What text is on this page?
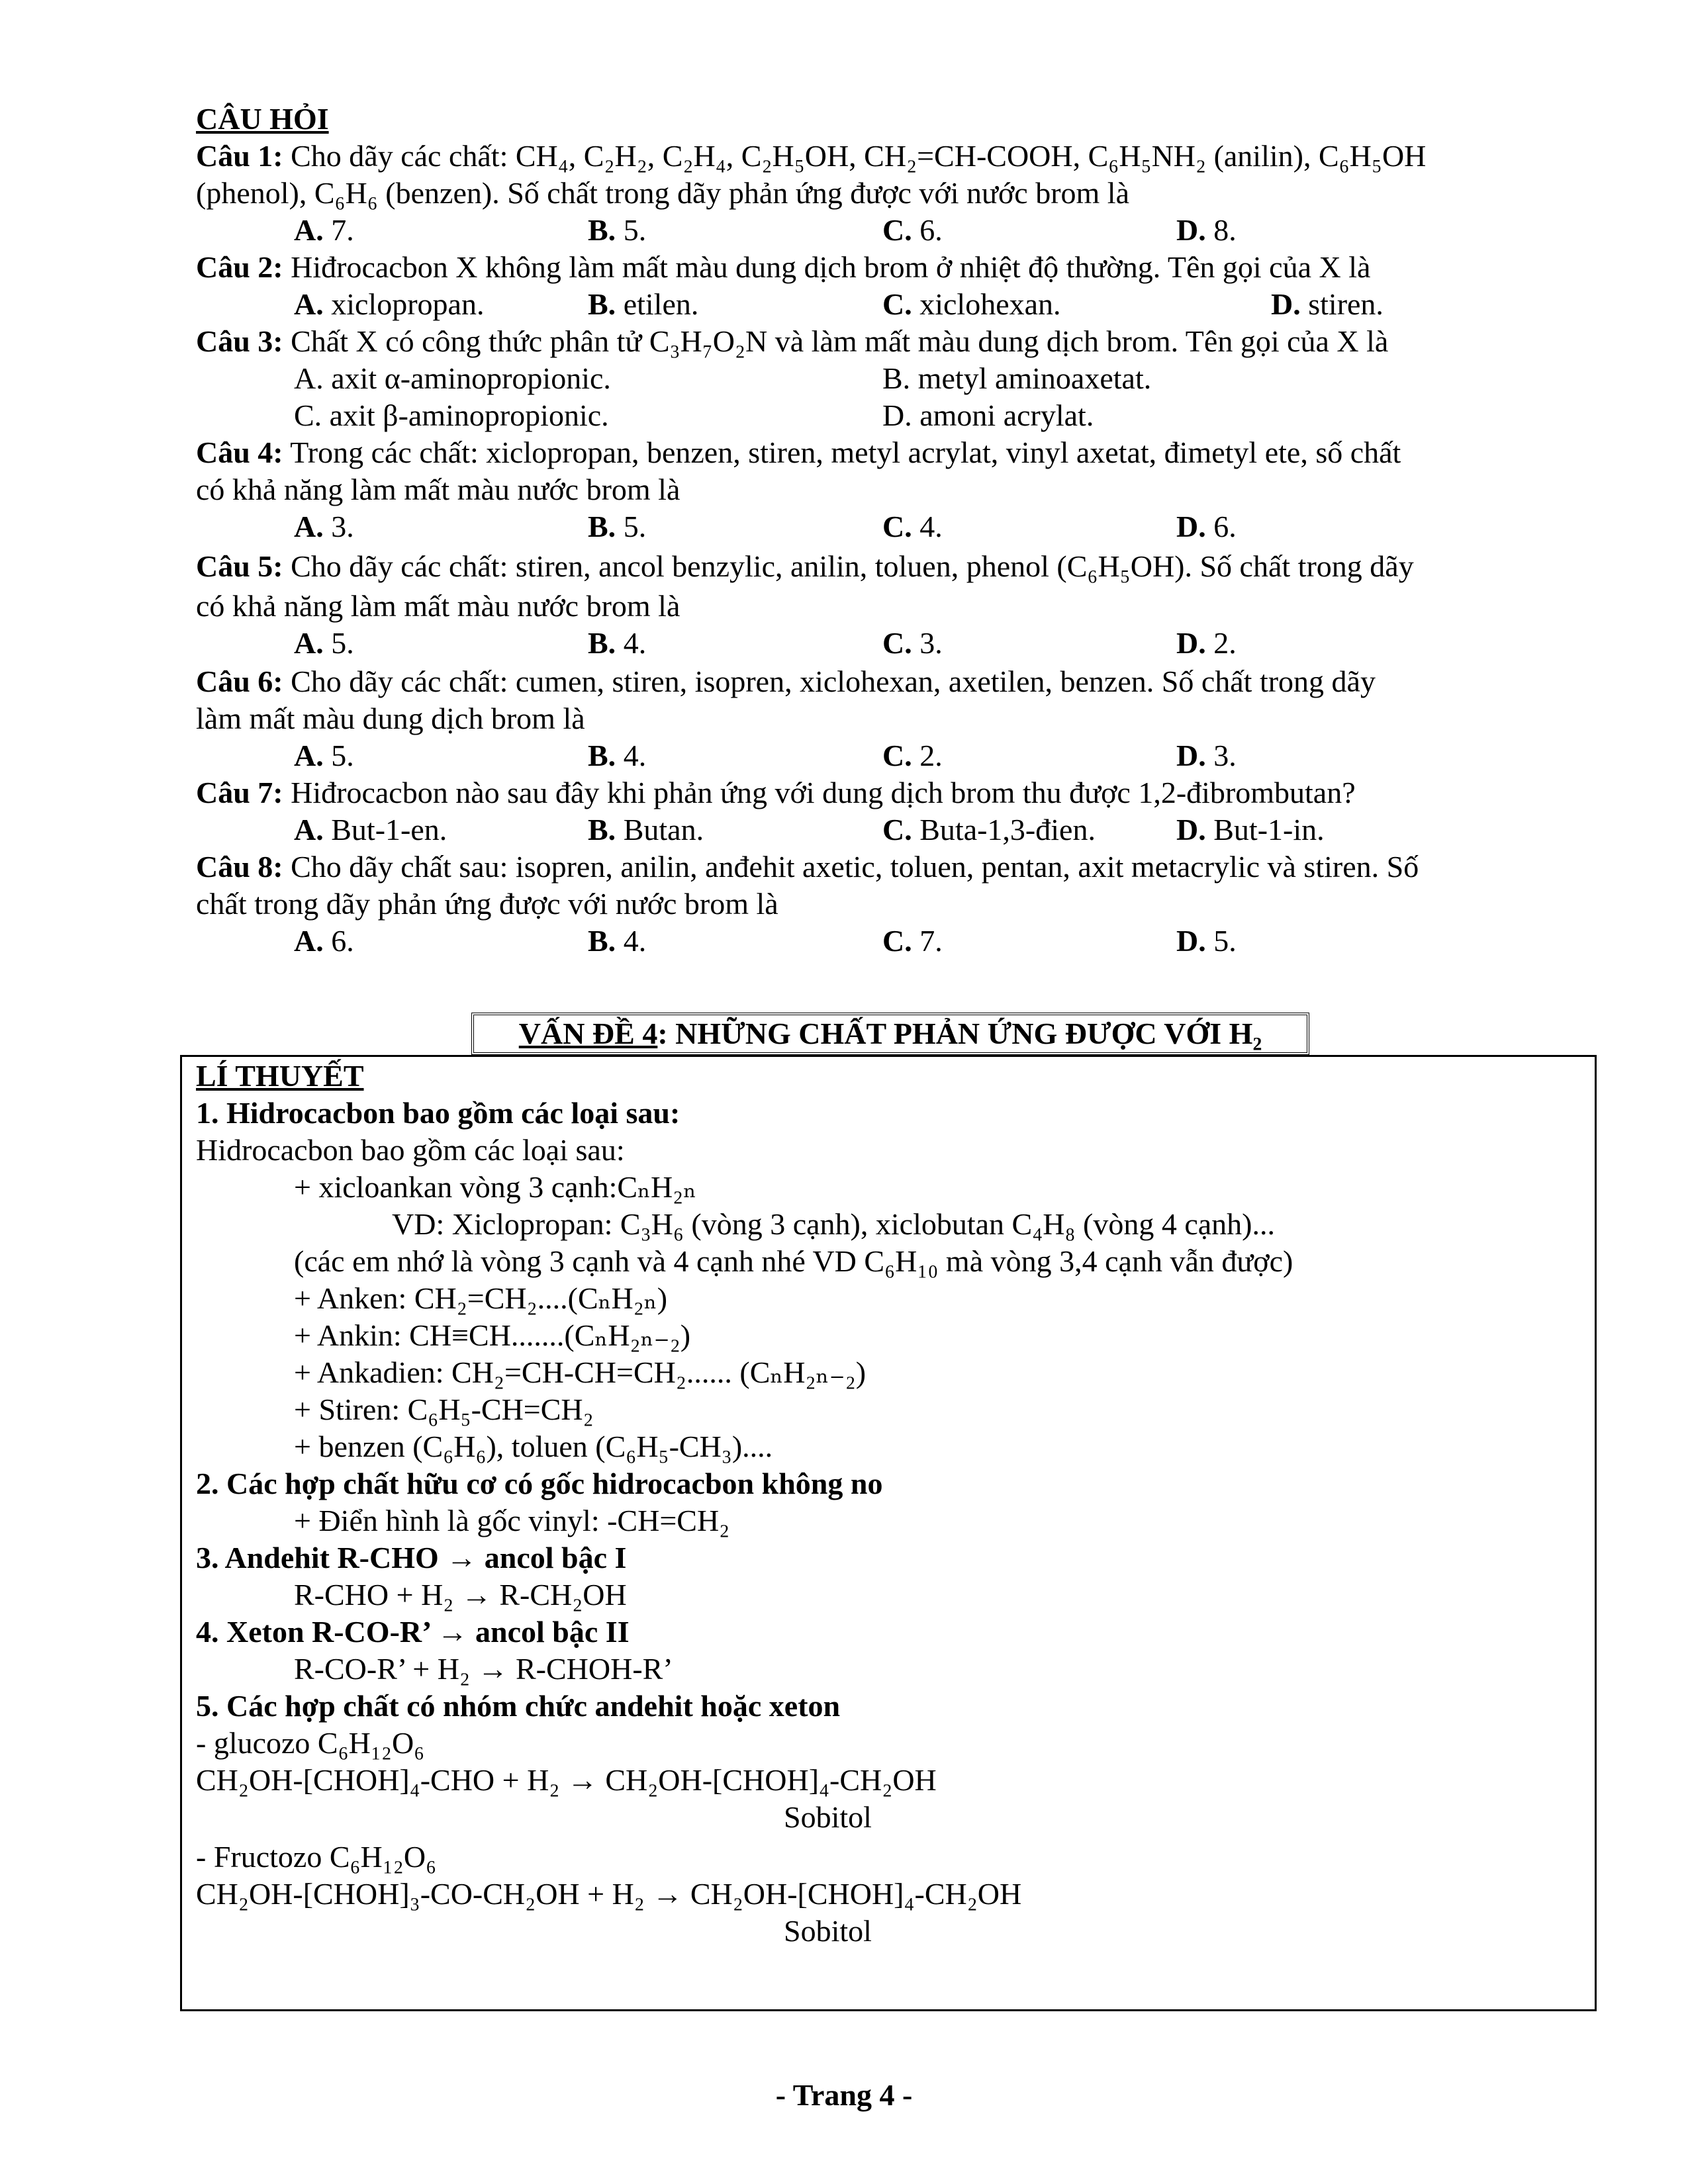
CÂU HỎI
Câu 1: Cho dãy các chất: CH₄, C₂H₂, C₂H₄, C₂H₅OH, CH₂=CH-COOH, C₆H₅NH₂ (anilin), C₆H₅OH
(phenol), C₆H₆ (benzen). Số chất trong dãy phản ứng được với nước brom là
A. 7.	B. 5.	C. 6.	D. 8.
Câu 2: Hiđrocacbon X không làm mất màu dung dịch brom ở nhiệt độ thường. Tên gọi của X là
A. xiclopropan.	B. etilen.	C. xiclohexan.	D. stiren.
Câu 3: Chất X có công thức phân tử C₃H₇O₂N và làm mất màu dung dịch brom. Tên gọi của X là
A. axit α-aminopropionic.	B. metyl aminoaxetat.
C. axit β-aminopropionic.	D. amoni acrylat.
Câu 4: Trong các chất: xiclopropan, benzen, stiren, metyl acrylat, vinyl axetat, đimetyl ete, số chất
có khả năng làm mất màu nước brom là
A. 3.	B. 5.	C. 4.	D. 6.
Câu 5: Cho dãy các chất: stiren, ancol benzylic, anilin, toluen, phenol (C₆H₅OH). Số chất trong dãy
có khả năng làm mất màu nước brom là
A. 5.	B. 4.	C. 3.	D. 2.
Câu 6: Cho dãy các chất: cumen, stiren, isopren, xiclohexan, axetilen, benzen. Số chất trong dãy
làm mất màu dung dịch brom là
A. 5.	B. 4.	C. 2.	D. 3.
Câu 7: Hiđrocacbon nào sau đây khi phản ứng với dung dịch brom thu được 1,2-đibrombutan?
A. But-1-en.	B. Butan.	C. Buta-1,3-đien.	D. But-1-in.
Câu 8: Cho dãy chất sau: isopren, anilin, anđehit axetic, toluen, pentan, axit metacrylic và stiren. Số
chất trong dãy phản ứng được với nước brom là
A. 6.	B. 4.	C. 7.	D. 5.
VẤN ĐỀ 4: NHỮNG CHẤT PHẢN ỨNG ĐƯỢC VỚI H₂
LÍ THUYẾT
1. Hidrocacbon bao gồm các loại sau:
Hidrocacbon bao gồm các loại sau:
+ xicloankan vòng 3 cạnh:CₙH₂ₙ
VD: Xiclopropan: C₃H₆ (vòng 3 cạnh), xiclobutan C₄H₈ (vòng 4 cạnh)...
(các em nhớ là vòng 3 cạnh và 4 cạnh nhé VD C₆H₁₀ mà vòng 3,4 cạnh vẫn được)
+ Anken: CH₂=CH₂....(CₙH₂ₙ)
+ Ankin: CH≡CH.......(CₙH₂ₙ₋₂)
+ Ankadien: CH₂=CH-CH=CH₂...... (CₙH₂ₙ₋₂)
+ Stiren: C₆H₅-CH=CH₂
+ benzen (C₆H₆), toluen (C₆H₅-CH₃)....
2. Các hợp chất hữu cơ có gốc hidrocacbon không no
+ Điển hình là gốc vinyl: -CH=CH₂
3. Andehit R-CHO → ancol bậc I
R-CHO + H₂ → R-CH₂OH
4. Xeton R-CO-R’ → ancol bậc II
R-CO-R’ + H₂ → R-CHOH-R’
5. Các hợp chất có nhóm chức andehit hoặc xeton
- glucozo C₆H₁₂O₆
CH₂OH-[CHOH]₄-CHO + H₂ → CH₂OH-[CHOH]₄-CH₂OH
Sobitol
- Fructozo C₆H₁₂O₆
CH₂OH-[CHOH]₃-CO-CH₂OH + H₂ → CH₂OH-[CHOH]₄-CH₂OH
Sobitol
- Trang 4 -
